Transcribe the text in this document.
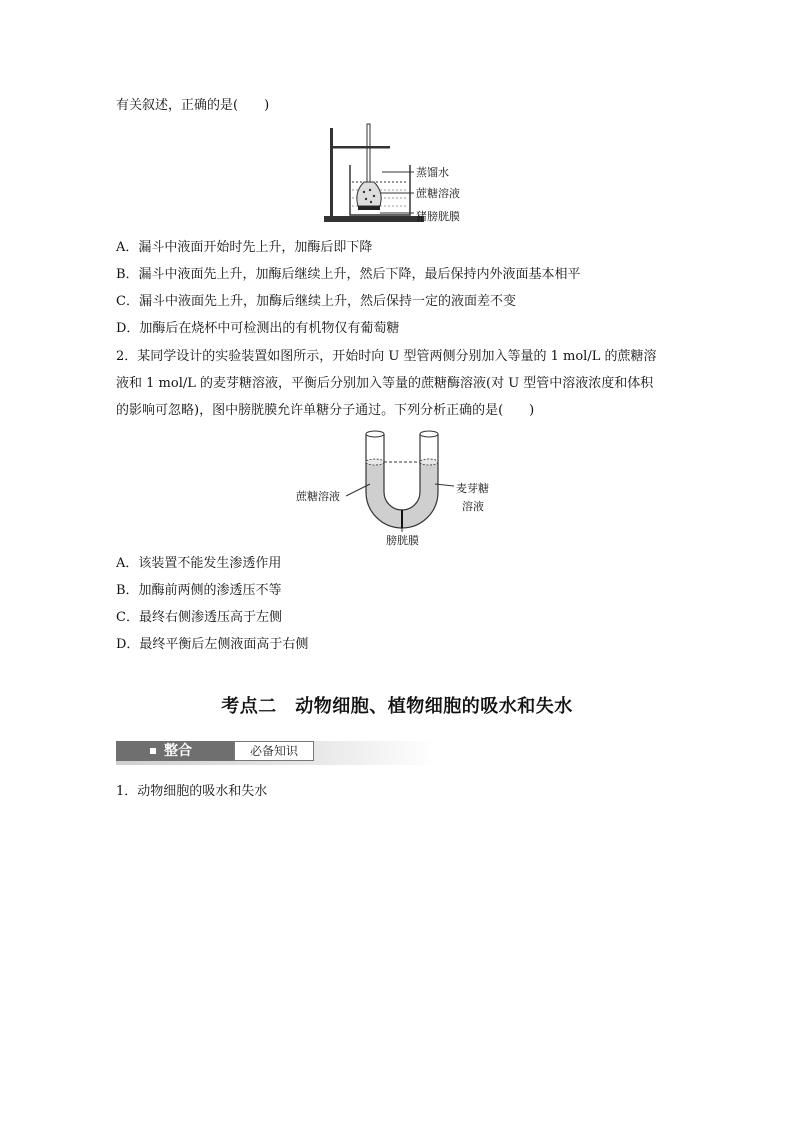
有关叙述，正确的是(　　)
蒸馏水
蔗糖溶液
猪膀胱膜
A．漏斗中液面开始时先上升，加酶后即下降
B．漏斗中液面先上升，加酶后继续上升，然后下降，最后保持内外液面基本相平
C．漏斗中液面先上升，加酶后继续上升，然后保持一定的液面差不变
D．加酶后在烧杯中可检测出的有机物仅有葡萄糖
2．某同学设计的实验装置如图所示，开始时向 U 型管两侧分别加入等量的 1 mol/L 的蔗糖溶
液和 1 mol/L 的麦芽糖溶液，平衡后分别加入等量的蔗糖酶溶液(对 U 型管中溶液浓度和体积
的影响可忽略)，图中膀胱膜允许单糖分子通过。下列分析正确的是(　　)
蔗糖溶液
麦芽糖
溶液
膀胱膜
A．该装置不能发生渗透作用
B．加酶前两侧的渗透压不等
C．最终右侧渗透压高于左侧
D．最终平衡后左侧液面高于右侧
考点二　动物细胞、植物细胞的吸水和失水
整合	必备知识
1．动物细胞的吸水和失水
